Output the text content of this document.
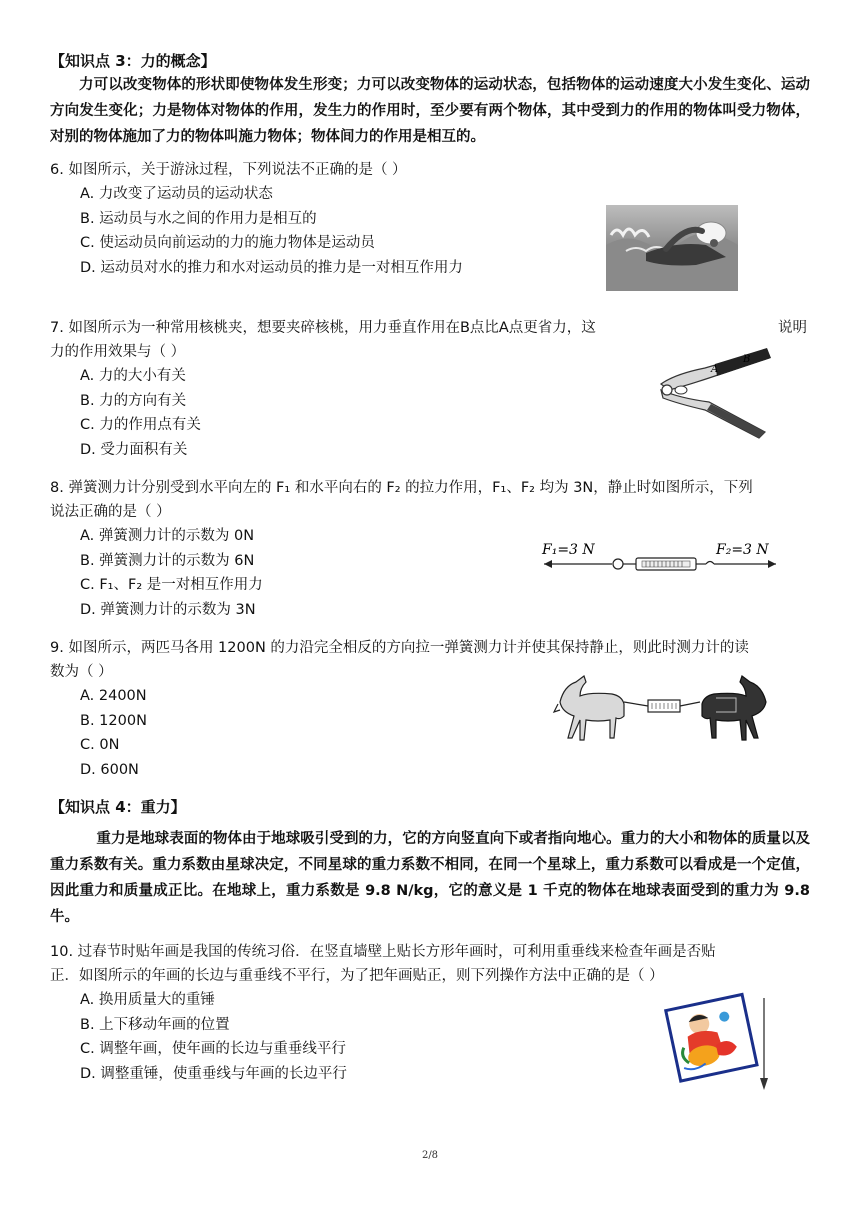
【知识点 3：力的概念】
力可以改变物体的形状即使物体发生形变；力可以改变物体的运动状态，包括物体的运动速度大小发生变化、运动方向发生变化；力是物体对物体的作用，发生力的作用时，至少要有两个物体，其中受到力的作用的物体叫受力物体，对别的物体施加了力的物体叫施力物体；物体间力的作用是相互的。
6. 如图所示，关于游泳过程，下列说法不正确的是（ ）
A. 力改变了运动员的运动状态
B. 运动员与水之间的作用力是相互的
C. 使运动员向前运动的力的施力物体是运动员
D. 运动员对水的推力和水对运动员的推力是一对相互作用力
7. 如图所示为一种常用核桃夹，想要夹碎核桃，用力垂直作用在B点比A点更省力，这	说明
力的作用效果与（ ）
A. 力的大小有关
B. 力的方向有关
C. 力的作用点有关
D. 受力面积有关
A
B
8. 弹簧测力计分别受到水平向左的 F₁ 和水平向右的 F₂ 的拉力作用，F₁、F₂ 均为 3N，静止时如图所示，下列
说法正确的是（ ）
A. 弹簧测力计的示数为 0N
B. 弹簧测力计的示数为 6N
C. F₁、F₂ 是一对相互作用力
D. 弹簧测力计的示数为 3N
F₁=3 N	F₂=3 N
9. 如图所示，两匹马各用 1200N 的力沿完全相反的方向拉一弹簧测力计并使其保持静止，则此时测力计的读
数为（ ）
A. 2400N
B. 1200N
C. 0N
D. 600N
【知识点 4：重力】
重力是地球表面的物体由于地球吸引受到的力，它的方向竖直向下或者指向地心。重力的大小和物体的质量以及重力系数有关。重力系数由星球决定，不同星球的重力系数不相同，在同一个星球上，重力系数可以看成是一个定值，因此重力和质量成正比。在地球上，重力系数是 9.8 N/kg，它的意义是 1 千克的物体在地球表面受到的重力为 9.8 牛。
10. 过春节时贴年画是我国的传统习俗．在竖直墙壁上贴长方形年画时，可利用重垂线来检查年画是否贴
正．如图所示的年画的长边与重垂线不平行，为了把年画贴正，则下列操作方法中正确的是（ ）
A. 换用质量大的重锤
B. 上下移动年画的位置
C. 调整年画，使年画的长边与重垂线平行
D. 调整重锤，使重垂线与年画的长边平行
2/8
